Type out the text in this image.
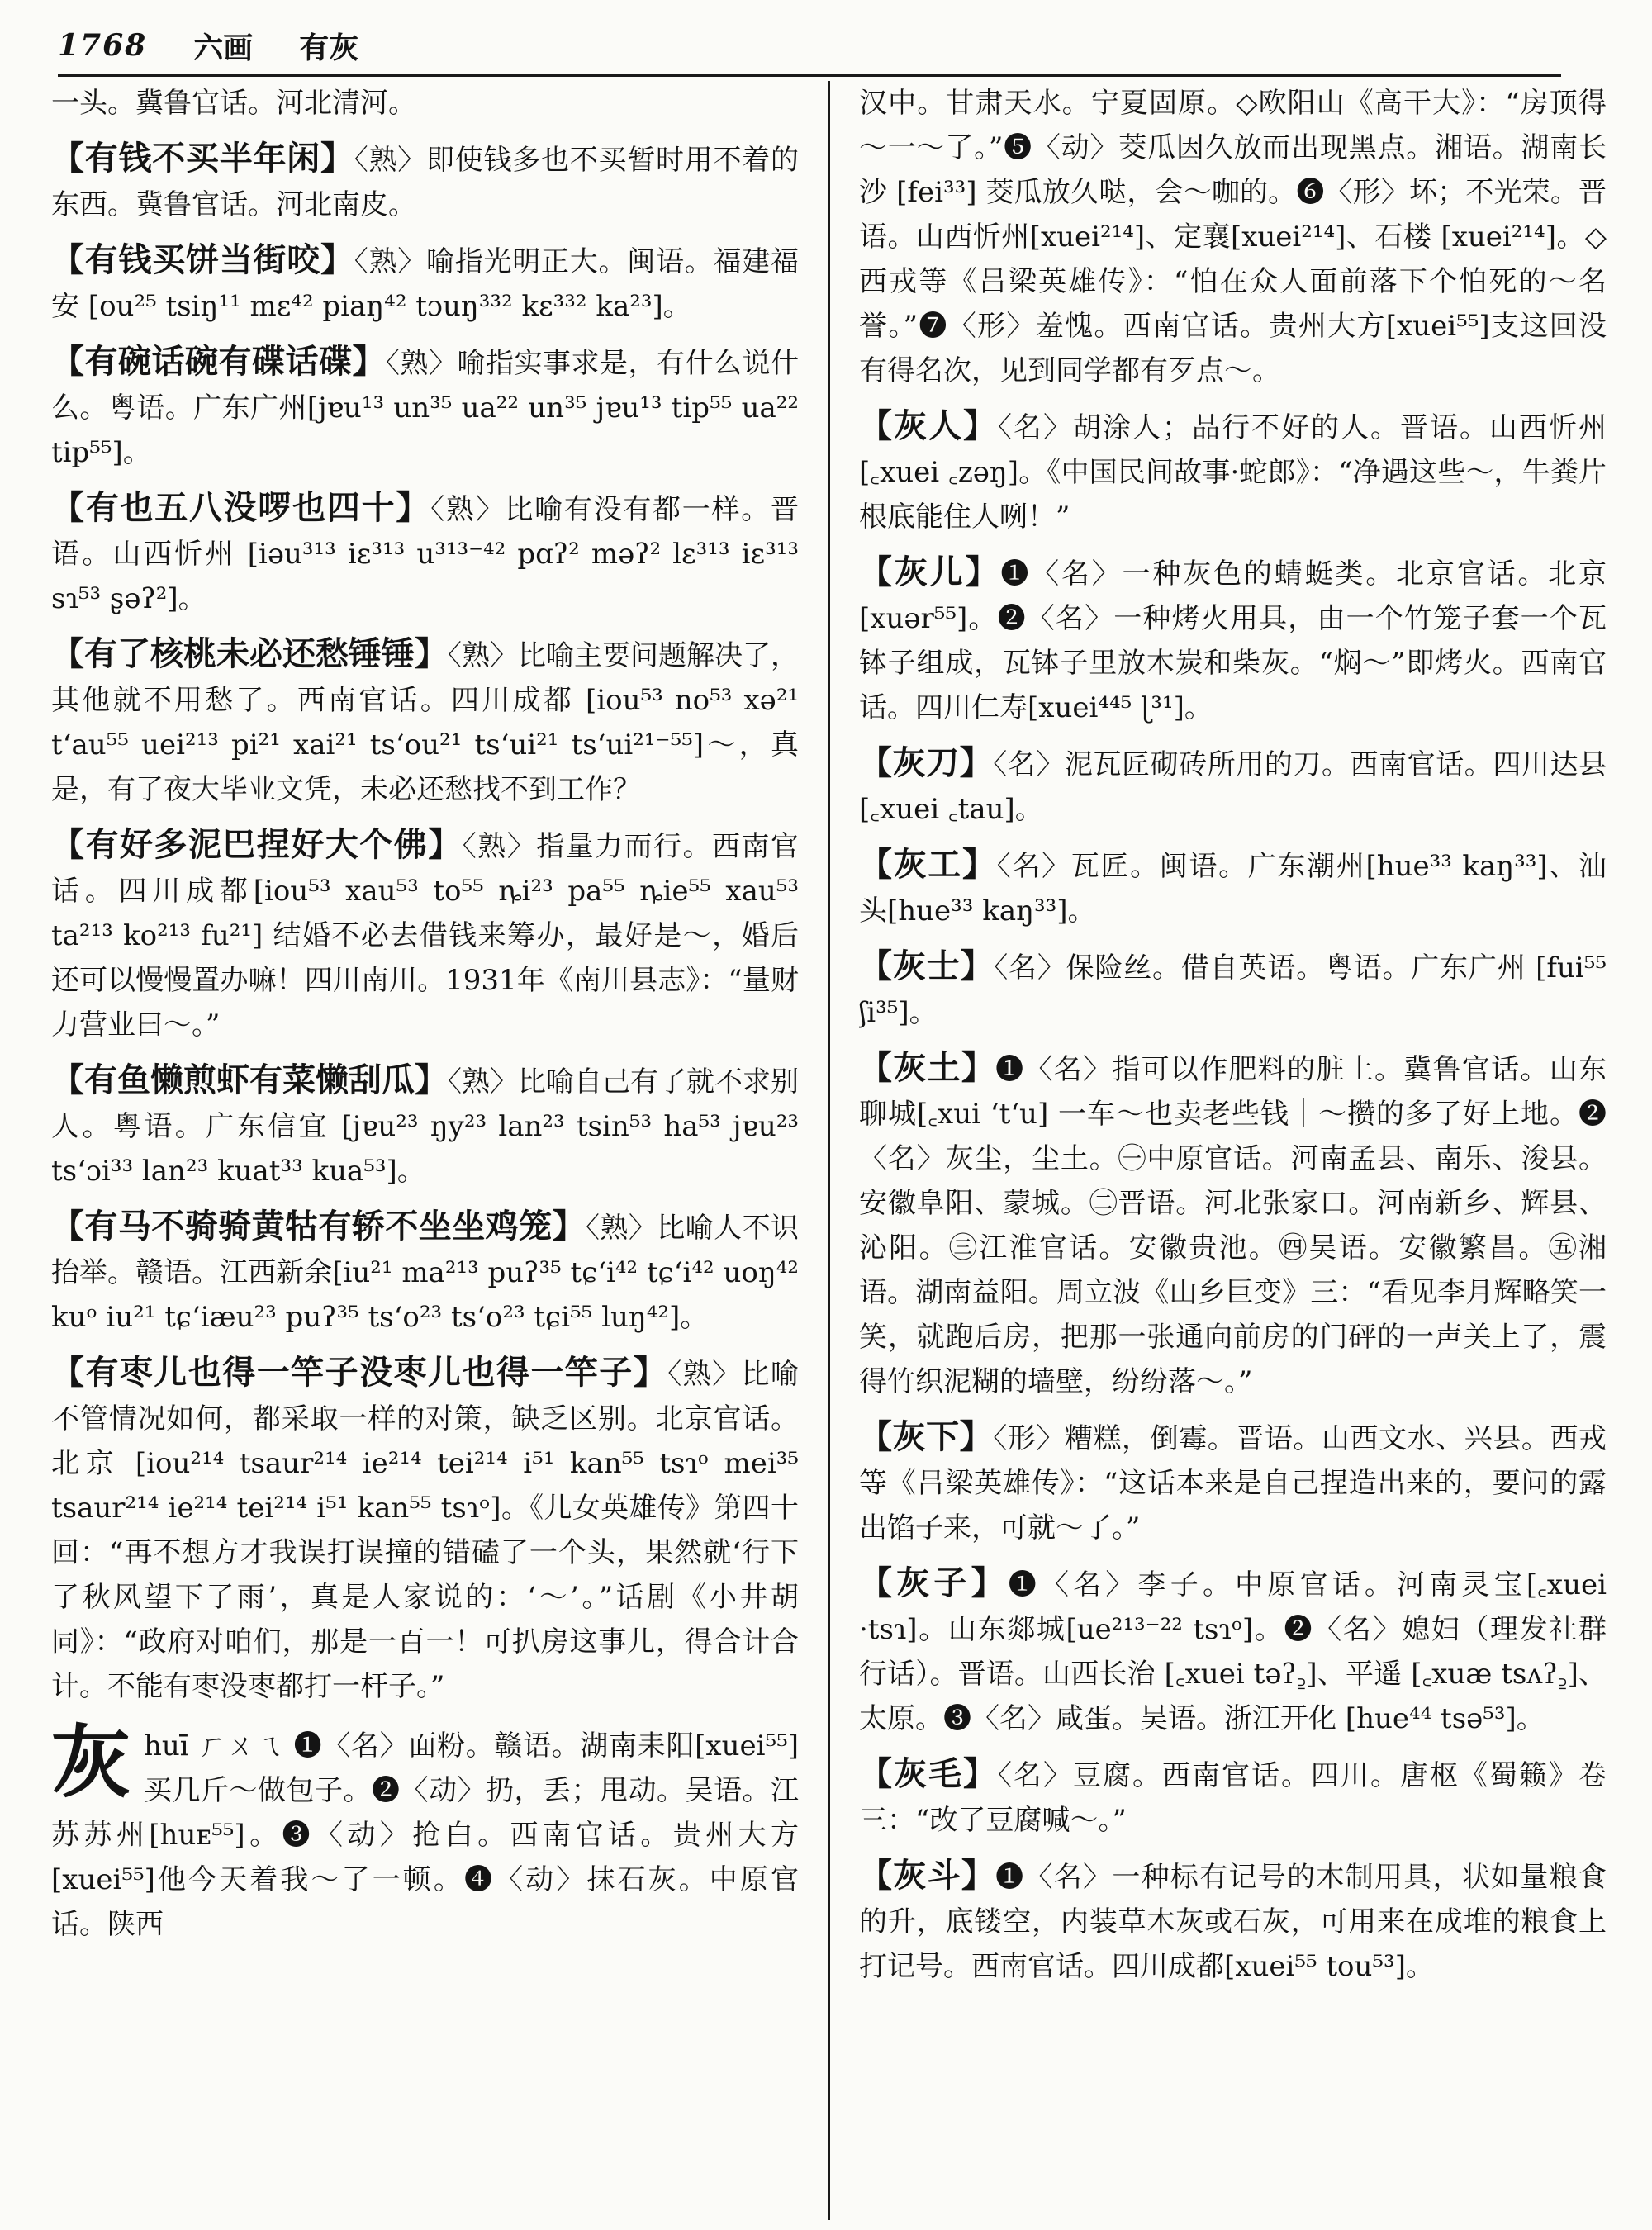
1768 六画 有灰

一头。冀鲁官话。河北清河。

【有钱不买半年闲】〈熟〉即使钱多也不买暂时用不着的东西。冀鲁官话。河北南皮。

【有钱买饼当街咬】〈熟〉喻指光明正大。闽语。福建福安 [ou²⁵ tsiŋ¹¹ mɛ⁴² piaŋ⁴² tɔuŋ³³² kɛ³³² ka²³]。

【有碗话碗有碟话碟】〈熟〉喻指实事求是，有什么说什么。粤语。广东广州[jɐu¹³ un³⁵ ua²² un³⁵ jɐu¹³ tip⁵⁵ ua²² tip⁵⁵]。

【有也五八没啰也四十】〈熟〉比喻有没有都一样。晋语。山西忻州 [iəu³¹³ iɛ³¹³ u³¹³⁻⁴² pɑʔ² məʔ² lɛ³¹³ iɛ³¹³ sɿ⁵³ ʂəʔ²]。

【有了核桃未必还愁锤锤】〈熟〉比喻主要问题解决了，其他就不用愁了。西南官话。四川成都 [iou⁵³ no⁵³ xə²¹ tʻau⁵⁵ uei²¹³ pi²¹ xai²¹ tsʻou²¹ tsʻui²¹ tsʻui²¹⁻⁵⁵]～，真是，有了夜大毕业文凭，未必还愁找不到工作？

【有好多泥巴捏好大个佛】〈熟〉指量力而行。西南官话。四川成都[iou⁵³ xau⁵³ to⁵⁵ ȵi²³ pa⁵⁵ ȵie⁵⁵ xau⁵³ ta²¹³ ko²¹³ fu²¹] 结婚不必去借钱来筹办，最好是～，婚后还可以慢慢置办嘛！四川南川。1931年《南川县志》：“量财力营业曰～。”

【有鱼懒煎虾有菜懒刮瓜】〈熟〉比喻自己有了就不求别人。粤语。广东信宜 [jɐu²³ ŋy²³ lan²³ tsin⁵³ ha⁵³ jɐu²³ tsʻɔi³³ lan²³ kuat³³ kua⁵³]。

【有马不骑骑黄牯有轿不坐坐鸡笼】〈熟〉比喻人不识抬举。赣语。江西新余[iu²¹ ma²¹³ puʔ³⁵ tɕʻi⁴² tɕʻi⁴² uoŋ⁴² kuᵒ iu²¹ tɕʻiæu²³ puʔ³⁵ tsʻo²³ tsʻo²³ tɕi⁵⁵ luŋ⁴²]。

【有枣儿也得一竿子没枣儿也得一竿子】〈熟〉比喻不管情况如何，都采取一样的对策，缺乏区别。北京官话。北京 [iou²¹⁴ tsaur²¹⁴ ie²¹⁴ tei²¹⁴ i⁵¹ kan⁵⁵ tsɿᵒ mei³⁵ tsaur²¹⁴ ie²¹⁴ tei²¹⁴ i⁵¹ kan⁵⁵ tsɿᵒ]。《儿女英雄传》第四十回：“再不想方才我误打误撞的错磕了一个头，果然就‘行下了秋风望下了雨’，真是人家说的：‘～’。”话剧《小井胡同》：“政府对咱们，那是一百一！可扒房这事儿，得合计合计。不能有枣没枣都打一杆子。”

灰 huī ㄏㄨㄟ ❶〈名〉面粉。赣语。湖南耒阳[xuei⁵⁵]买几斤～做包子。❷〈动〉扔，丢；甩动。吴语。江苏苏州[huᴇ⁵⁵]。❸〈动〉抢白。西南官话。贵州大方[xuei⁵⁵]他今天着我～了一顿。❹〈动〉抹石灰。中原官话。陕西

汉中。甘肃天水。宁夏固原。◇欧阳山《高干大》：“房顶得～一～了。”❺〈动〉茭瓜因久放而出现黑点。湘语。湖南长沙 [fei³³] 茭瓜放久哒，会～咖的。❻〈形〉坏；不光荣。晋语。山西忻州[xuei²¹⁴]、定襄[xuei²¹⁴]、石楼 [xuei²¹⁴]。◇西戎等《吕梁英雄传》：“怕在众人面前落下个怕死的～名誉。”❼〈形〉羞愧。西南官话。贵州大方[xuei⁵⁵]支这回没有得名次，见到同学都有歹点～。

【灰人】〈名〉胡涂人；品行不好的人。晋语。山西忻州 [꜀xuei ꜀zəŋ]。《中国民间故事·蛇郎》：“净遇这些～，牛粪片根底能住人咧！”

【灰儿】❶〈名〉一种灰色的蜻蜓类。北京官话。北京 [xuər⁵⁵]。❷〈名〉一种烤火用具，由一个竹笼子套一个瓦钵子组成，瓦钵子里放木炭和柴灰。“焖～”即烤火。西南官话。四川仁寿[xuei⁴⁴⁵ ɭ³¹]。

【灰刀】〈名〉泥瓦匠砌砖所用的刀。西南官话。四川达县[꜀xuei ꜀tau]。

【灰工】〈名〉瓦匠。闽语。广东潮州[hue³³ kaŋ³³]、汕头[hue³³ kaŋ³³]。

【灰士】〈名〉保险丝。借自英语。粤语。广东广州 [fui⁵⁵ ʃi³⁵]。

【灰土】❶〈名〉指可以作肥料的脏土。冀鲁官话。山东聊城[꜀xui ʻtʻu] 一车～也卖老些钱｜～攒的多了好上地。❷〈名〉灰尘，尘土。㊀中原官话。河南孟县、南乐、浚县。安徽阜阳、蒙城。㊁晋语。河北张家口。河南新乡、辉县、沁阳。㊂江淮官话。安徽贵池。㊃吴语。安徽繁昌。㊄湘语。湖南益阳。周立波《山乡巨变》三：“看见李月辉略笑一笑，就跑后房，把那一张通向前房的门砰的一声关上了，震得竹织泥糊的墙壁，纷纷落～。”

【灰下】〈形〉糟糕，倒霉。晋语。山西文水、兴县。西戎等《吕梁英雄传》：“这话本来是自己捏造出来的，要问的露出馅子来，可就～了。”

【灰子】❶〈名〉李子。中原官话。河南灵宝[꜀xuei ·tsɿ]。山东郯城[ue²¹³⁻²² tsɿᵒ]。❷〈名〉媳妇（理发社群行话）。晋语。山西长治 [꜀xuei təʔ꜇]、平遥 [꜀xuæ tsʌʔ꜇]、太原。❸〈名〉咸蛋。吴语。浙江开化 [hue⁴⁴ tsə⁵³]。

【灰毛】〈名〉豆腐。西南官话。四川。唐枢《蜀籁》卷三：“改了豆腐喊～。”

【灰斗】❶〈名〉一种标有记号的木制用具，状如量粮食的升，底镂空，内装草木灰或石灰，可用来在成堆的粮食上打记号。西南官话。四川成都[xuei⁵⁵ tou⁵³]。
